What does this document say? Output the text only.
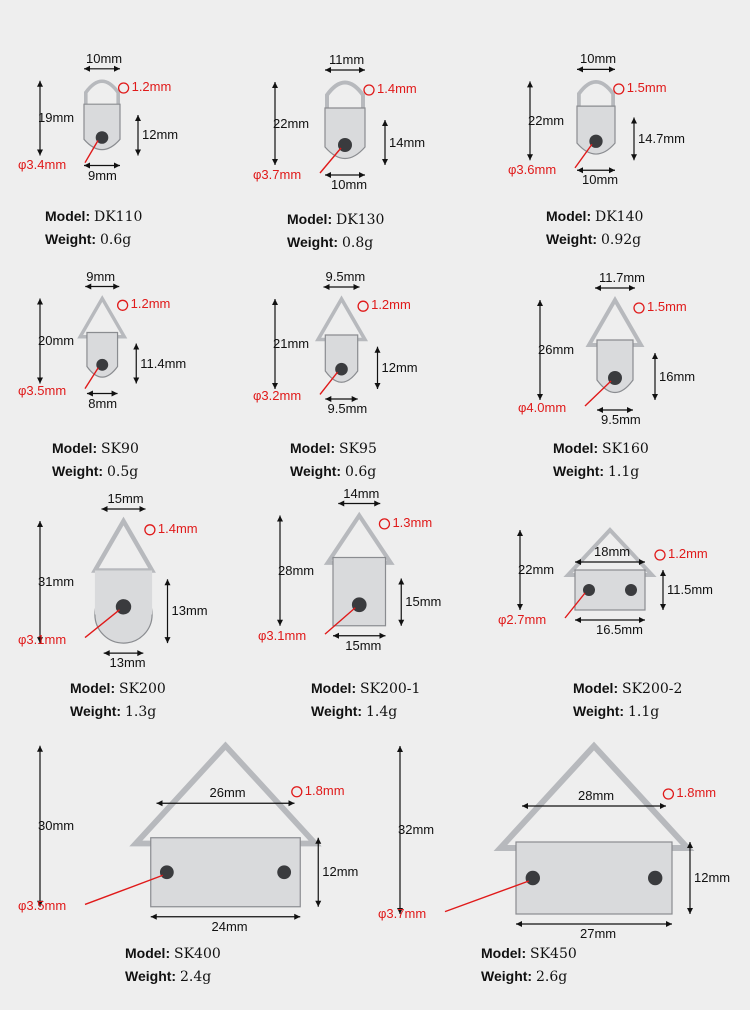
19mm
10mm
12mm
9mm
1.2mm
φ3.4mm
Model: DK110
Weight: 0.6g
22mm
11mm
14mm
10mm
1.4mm
φ3.7mm
Model: DK130
Weight: 0.8g
22mm
10mm
14.7mm
10mm
1.5mm
φ3.6mm
Model: DK140
Weight: 0.92g
20mm
9mm
11.4mm
8mm
1.2mm
φ3.5mm
Model: SK90
Weight: 0.5g
21mm
9.5mm
12mm
9.5mm
1.2mm
φ3.2mm
Model: SK95
Weight: 0.6g
26mm
11.7mm
16mm
9.5mm
1.5mm
φ4.0mm
Model: SK160
Weight: 1.1g
31mm
15mm
13mm
13mm
1.4mm
φ3.1mm
Model: SK200
Weight: 1.3g
28mm
14mm
15mm
15mm
1.3mm
φ3.1mm
Model: SK200-1
Weight: 1.4g
22mm
18mm
11.5mm
16.5mm
1.2mm
φ2.7mm
Model: SK200-2
Weight: 1.1g
30mm
26mm
12mm
24mm
1.8mm
φ3.5mm
Model: SK400
Weight: 2.4g
32mm
28mm
12mm
27mm
1.8mm
φ3.7mm
Model: SK450
Weight: 2.6g
